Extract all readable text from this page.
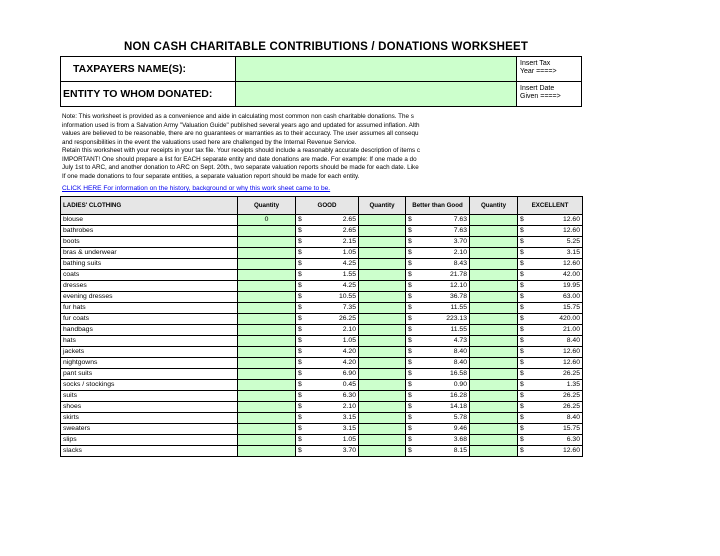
NON CASH CHARITABLE CONTRIBUTIONS / DONATIONS WORKSHEET
TAXPAYERS NAME(S):	Insert Tax
Year ====>
ENTITY TO WHOM DONATED:	Insert Date
Given ====>
Note: This worksheet is provided as a convenience and aide in calculating most common non cash charitable donations. The s
information used is from a Salvation Army "Valuation Guide" published several years ago and updated for assumed inflation. Alth
values are believed to be reasonable, there are no guarantees or warranties as to their accuracy. The user assumes all consequ
and responsibilities in the event the valuations used here are challenged by the Internal Revenue Service.
Retain this worksheet with your receipts in your tax file. Your receipts should include a reasonably accurate description of items c
IMPORTANT! One should prepare a list for EACH separate entity and date donations are made. For example: If one made a do
July 1st to ARC, and another donation to ARC on Sept. 20th., two separate valuation reports should be made for each date. Like
If one made donations to four separate entities, a separate valuation report should be made for each entity.
CLICK HERE For information on the history, background or why this work sheet came to be.
LADIES' CLOTHING	Quantity	GOOD	Quantity	Better than Good	Quantity	EXCELLENT
blouse	0	$ 2.65		$ 7.63		$ 12.60
bathrobes		$ 2.65		$ 7.63		$ 12.60
boots		$ 2.15		$ 3.70		$ 5.25
bras & underwear		$ 1.05		$ 2.10		$ 3.15
bathing suits		$ 4.25		$ 8.43		$ 12.60
coats		$ 1.55		$ 21.78		$ 42.00
dresses		$ 4.25		$ 12.10		$ 19.95
evening dresses		$ 10.55		$ 36.78		$ 63.00
fur hats		$ 7.35		$ 11.55		$ 15.75
fur coats		$ 26.25		$ 223.13		$ 420.00
handbags		$ 2.10		$ 11.55		$ 21.00
hats		$ 1.05		$ 4.73		$ 8.40
jackets		$ 4.20		$ 8.40		$ 12.60
nightgowns		$ 4.20		$ 8.40		$ 12.60
pant suits		$ 6.90		$ 16.58		$ 26.25
socks / stockings		$ 0.45		$ 0.90		$ 1.35
suits		$ 6.30		$ 16.28		$ 26.25
shoes		$ 2.10		$ 14.18		$ 26.25
skirts		$ 3.15		$ 5.78		$ 8.40
sweaters		$ 3.15		$ 9.46		$ 15.75
slips		$ 1.05		$ 3.68		$ 6.30
slacks		$ 3.70		$ 8.15		$ 12.60
